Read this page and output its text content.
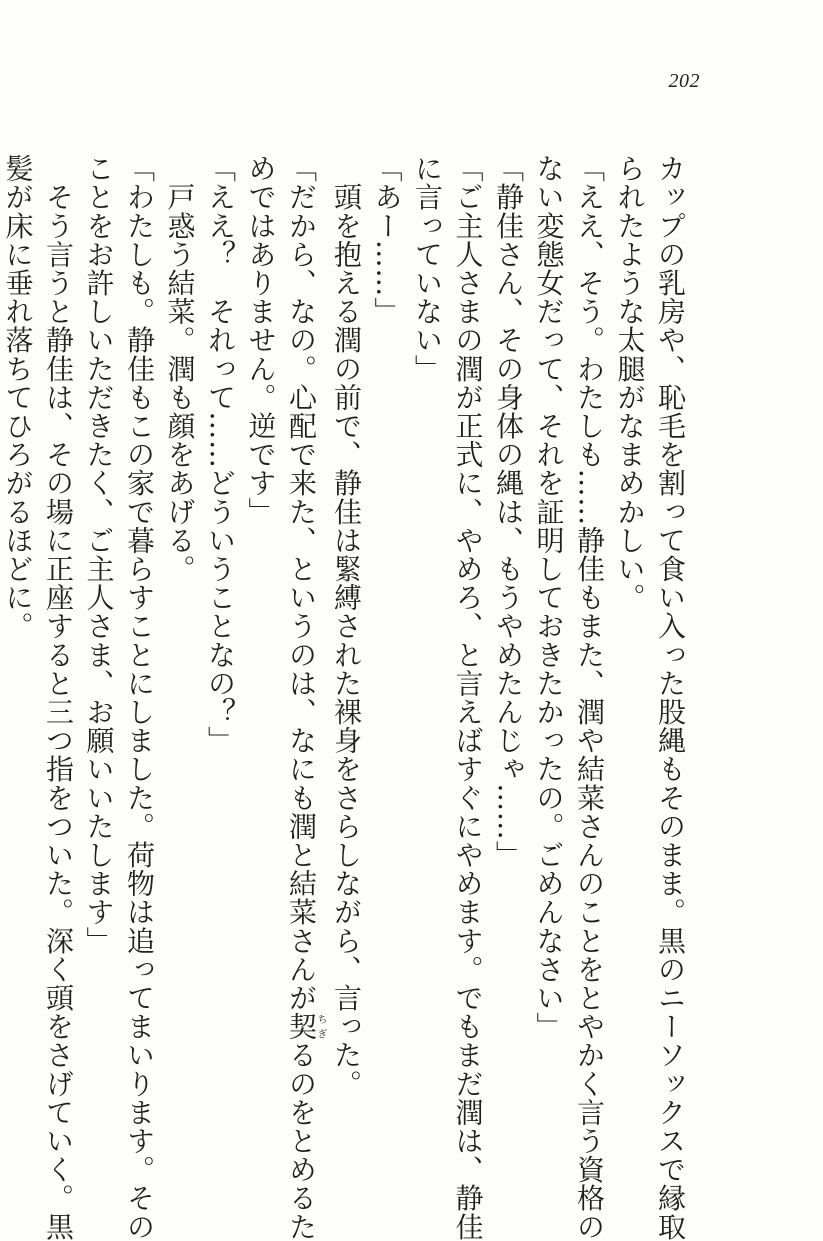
202
カップの乳房や、恥毛を割って食い入った股縄もそのまま。黒のニーソックスで縁取
られたような太腿がなまめかしい。
「ええ、そう。わたしも……静佳もまた、潤や結菜さんのことをとやかく言う資格の
ない変態女だって、それを証明しておきたかったの。ごめんなさい」
「静佳さん、その身体の縄は、もうやめたんじゃ……」
「ご主人さまの潤が正式に、やめろ、と言えばすぐにやめます。でもまだ潤は、静佳
に言っていない」
「あー……」
　頭を抱える潤の前で、静佳は緊縛された裸身をさらしながら、言った。
「だから、なの。心配で来た、というのは、なにも潤と結菜さんが契ちぎるのをとめるた
めではありません。逆です」
「ええ？　それって……どういうことなの？」
　戸惑う結菜。潤も顔をあげる。
「わたしも。静佳もこの家で暮らすことにしました。荷物は追ってまいります。その
ことをお許しいただきたく、ご主人さま、お願いいたします」
　そう言うと静佳は、その場に正座すると三つ指をついた。深く頭をさげていく。黒
髪が床に垂れ落ちてひろがるほどに。
